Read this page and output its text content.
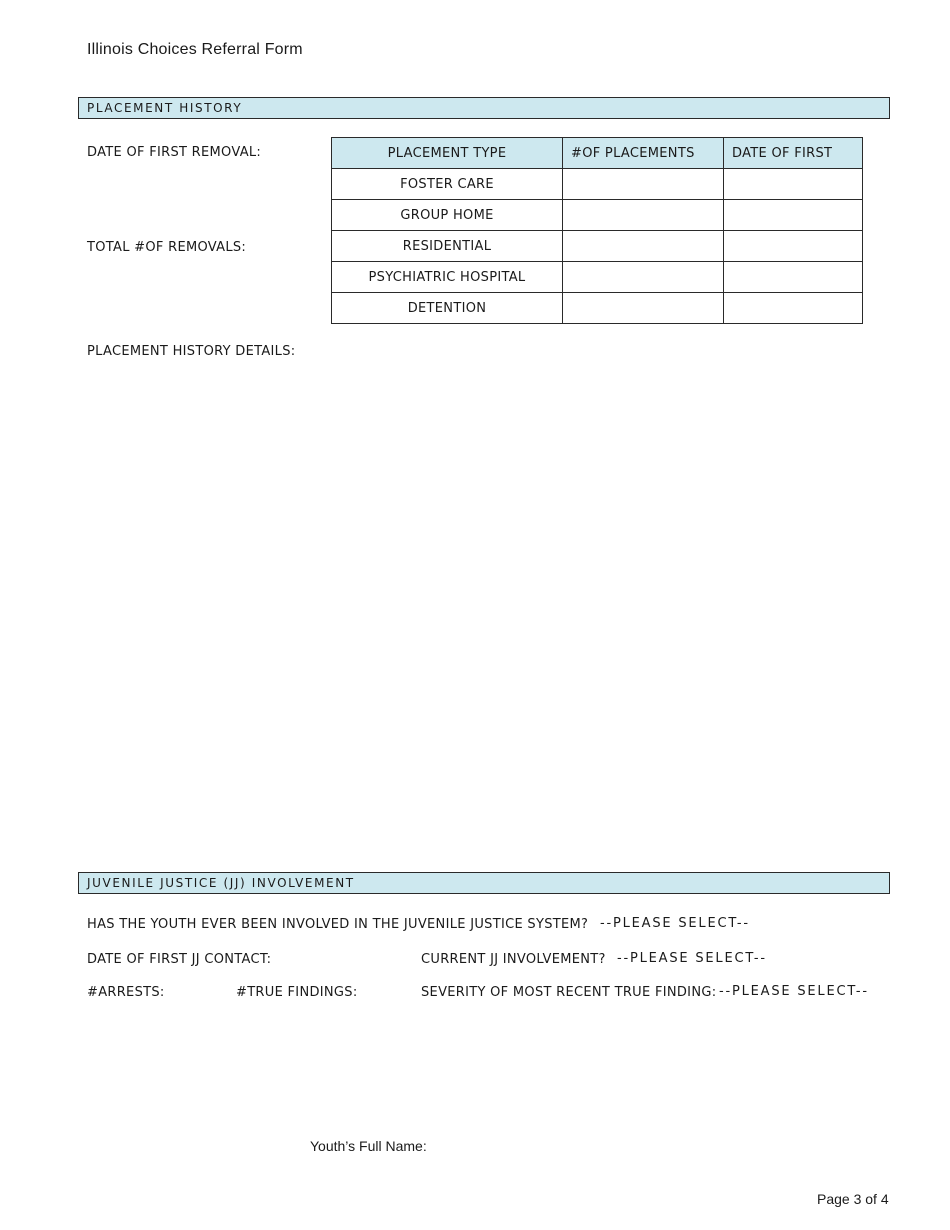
Illinois Choices Referral Form
PLACEMENT HISTORY
DATE OF FIRST REMOVAL:
TOTAL #OF REMOVALS:
PLACEMENT TYPE	#OF PLACEMENTS	DATE OF FIRST
FOSTER CARE		
GROUP HOME		
RESIDENTIAL		
PSYCHIATRIC HOSPITAL		
DETENTION		
PLACEMENT HISTORY DETAILS:
JUVENILE JUSTICE (JJ) INVOLVEMENT
HAS THE YOUTH EVER BEEN INVOLVED IN THE JUVENILE JUSTICE SYSTEM? --PLEASE SELECT--
DATE OF FIRST JJ CONTACT:	CURRENT JJ INVOLVEMENT? --PLEASE SELECT--
#ARRESTS:	#TRUE FINDINGS:	SEVERITY OF MOST RECENT TRUE FINDING: --PLEASE SELECT--
Youth’s Full Name:
Page 3 of 4
